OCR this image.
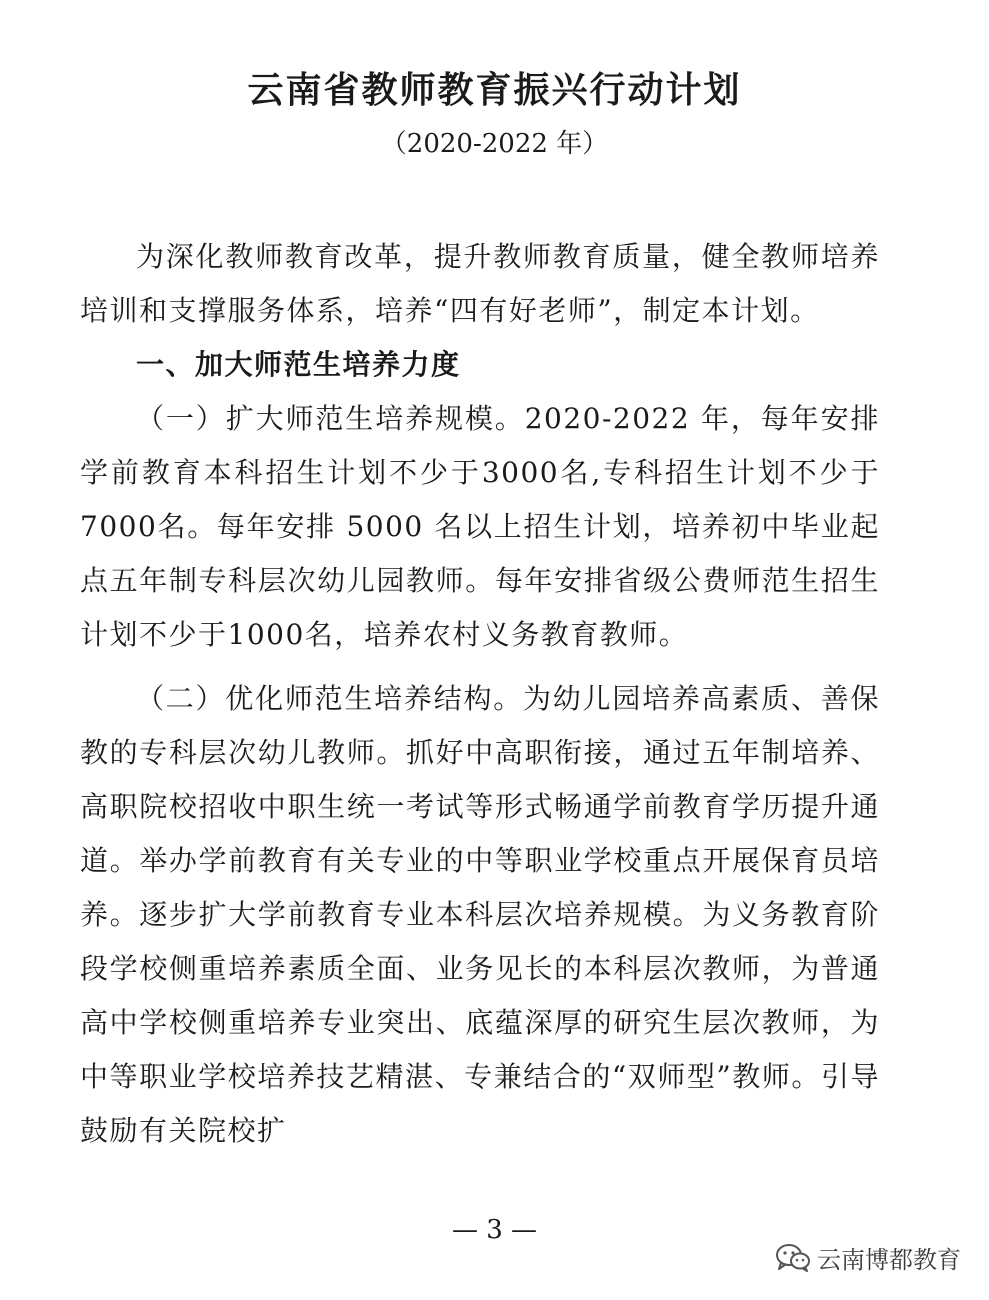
云南省教师教育振兴行动计划
（2020-2022 年）

为深化教师教育改革，提升教师教育质量，健全教师培养培训和支撑服务体系，培养“四有好老师”，制定本计划。

一、加大师范生培养力度

（一）扩大师范生培养规模。2020-2022 年，每年安排学前教育本科招生计划不少于3000名,专科招生计划不少于7000名。每年安排 5000 名以上招生计划，培养初中毕业起点五年制专科层次幼儿园教师。每年安排省级公费师范生招生计划不少于1000名，培养农村义务教育教师。

（二）优化师范生培养结构。为幼儿园培养高素质、善保教的专科层次幼儿教师。抓好中高职衔接，通过五年制培养、高职院校招收中职生统一考试等形式畅通学前教育学历提升通道。举办学前教育有关专业的中等职业学校重点开展保育员培养。逐步扩大学前教育专业本科层次培养规模。为义务教育阶段学校侧重培养素质全面、业务见长的本科层次教师，为普通高中学校侧重培养专业突出、底蕴深厚的研究生层次教师，为中等职业学校培养技艺精湛、专兼结合的“双师型”教师。引导鼓励有关院校扩

— 3 —
云南博都教育
